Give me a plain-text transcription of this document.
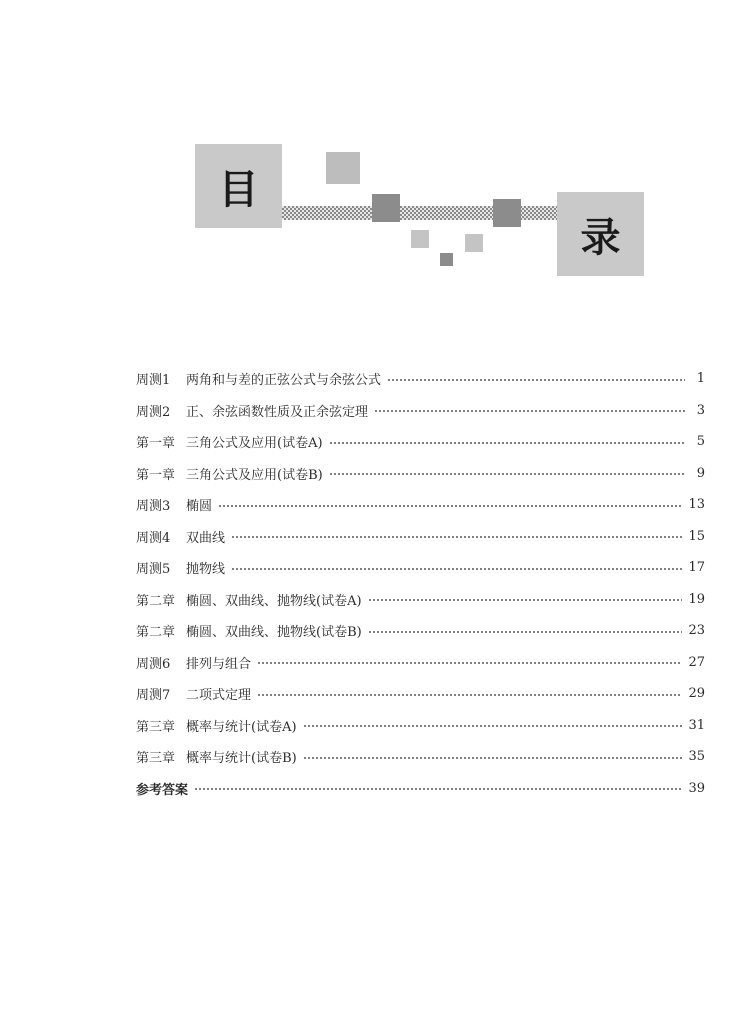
目
录
周测1	两角和与差的正弦公式与余弦公式	1
周测2	正、余弦函数性质及正余弦定理	3
第一章 三角公式及应用(试卷A)	5
第一章 三角公式及应用(试卷B)	9
周测3	椭圆	13
周测4	双曲线	15
周测5	抛物线	17
第二章 椭圆、双曲线、抛物线(试卷A)	19
第二章 椭圆、双曲线、抛物线(试卷B)	23
周测6	排列与组合	27
周测7	二项式定理	29
第三章 概率与统计(试卷A)	31
第三章 概率与统计(试卷B)	35
参考答案	39
